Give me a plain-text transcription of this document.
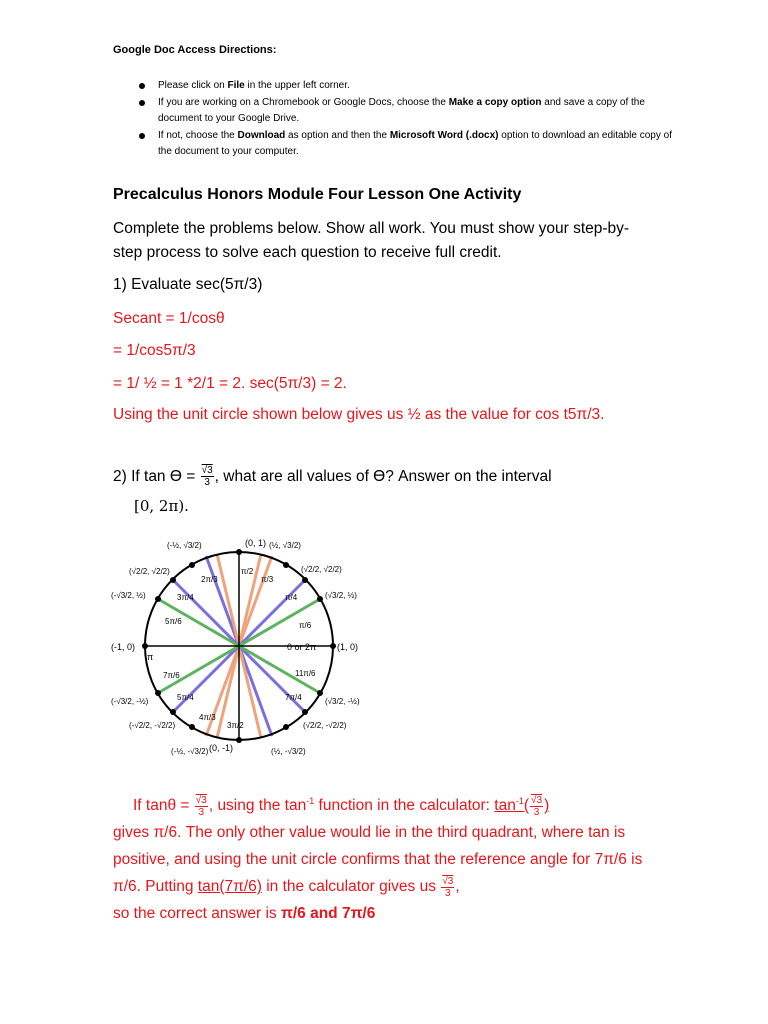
Google Doc Access Directions:
Please click on File in the upper left corner.
If you are working on a Chromebook or Google Docs, choose the Make a copy option and save a copy of the document to your Google Drive.
If not, choose the Download as option and then the Microsoft Word (.docx) option to download an editable copy of the document to your computer.
Precalculus Honors Module Four Lesson One Activity
Complete the problems below. Show all work. You must show your step-by-step process to solve each question to receive full credit.
1) Evaluate sec(5π/3)
Secant = 1/cosθ
= 1/cos5π/3
= 1/ ½ = 1 *2/1 = 2. sec(5π/3) = 2.
Using the unit circle shown below gives us ½ as the value for cos t5π/3.
2) If $\tan ϴ = \frac{√3}{3}$ , what are all values of ϴ? Answer on the interval
[0, 2π).
(-1, 0)
π
0 or 2π (1, 0)
(0, 1)
(0, -1)
(√2/2, √2/2)
(-√3/2, ½)
(-√3/2, -½)
(-√2/2, -√2/2)
(-½, √3/2)
(-½, -√3/2)
(½, √3/2)
(√2/2, √2/2)
(√3/2, ½)
(√3/2, -½)
(√2/2, -√2/2)
(½, -√3/2)
2π/3
3π/4
5π/6
7π/6
5π/4
4π/3
3π/2
π/2
π/3
π/4
π/6
11π/6
7π/4
If $\tan\theta = \frac{√3}{3}$ , using the $\tan^{-1}$ function in the calculator: $\tan^{-1}( \frac{√3}{3}$ )
gives π/6. The only other value would lie in the third quadrant, where tan is positive, and using the unit circle confirms that the reference angle for 7π/6 is π/6. Putting tan(7π/6) in the calculator gives us $\frac{√3}{3}$ ,
so the correct answer is π/6 and 7π/6
